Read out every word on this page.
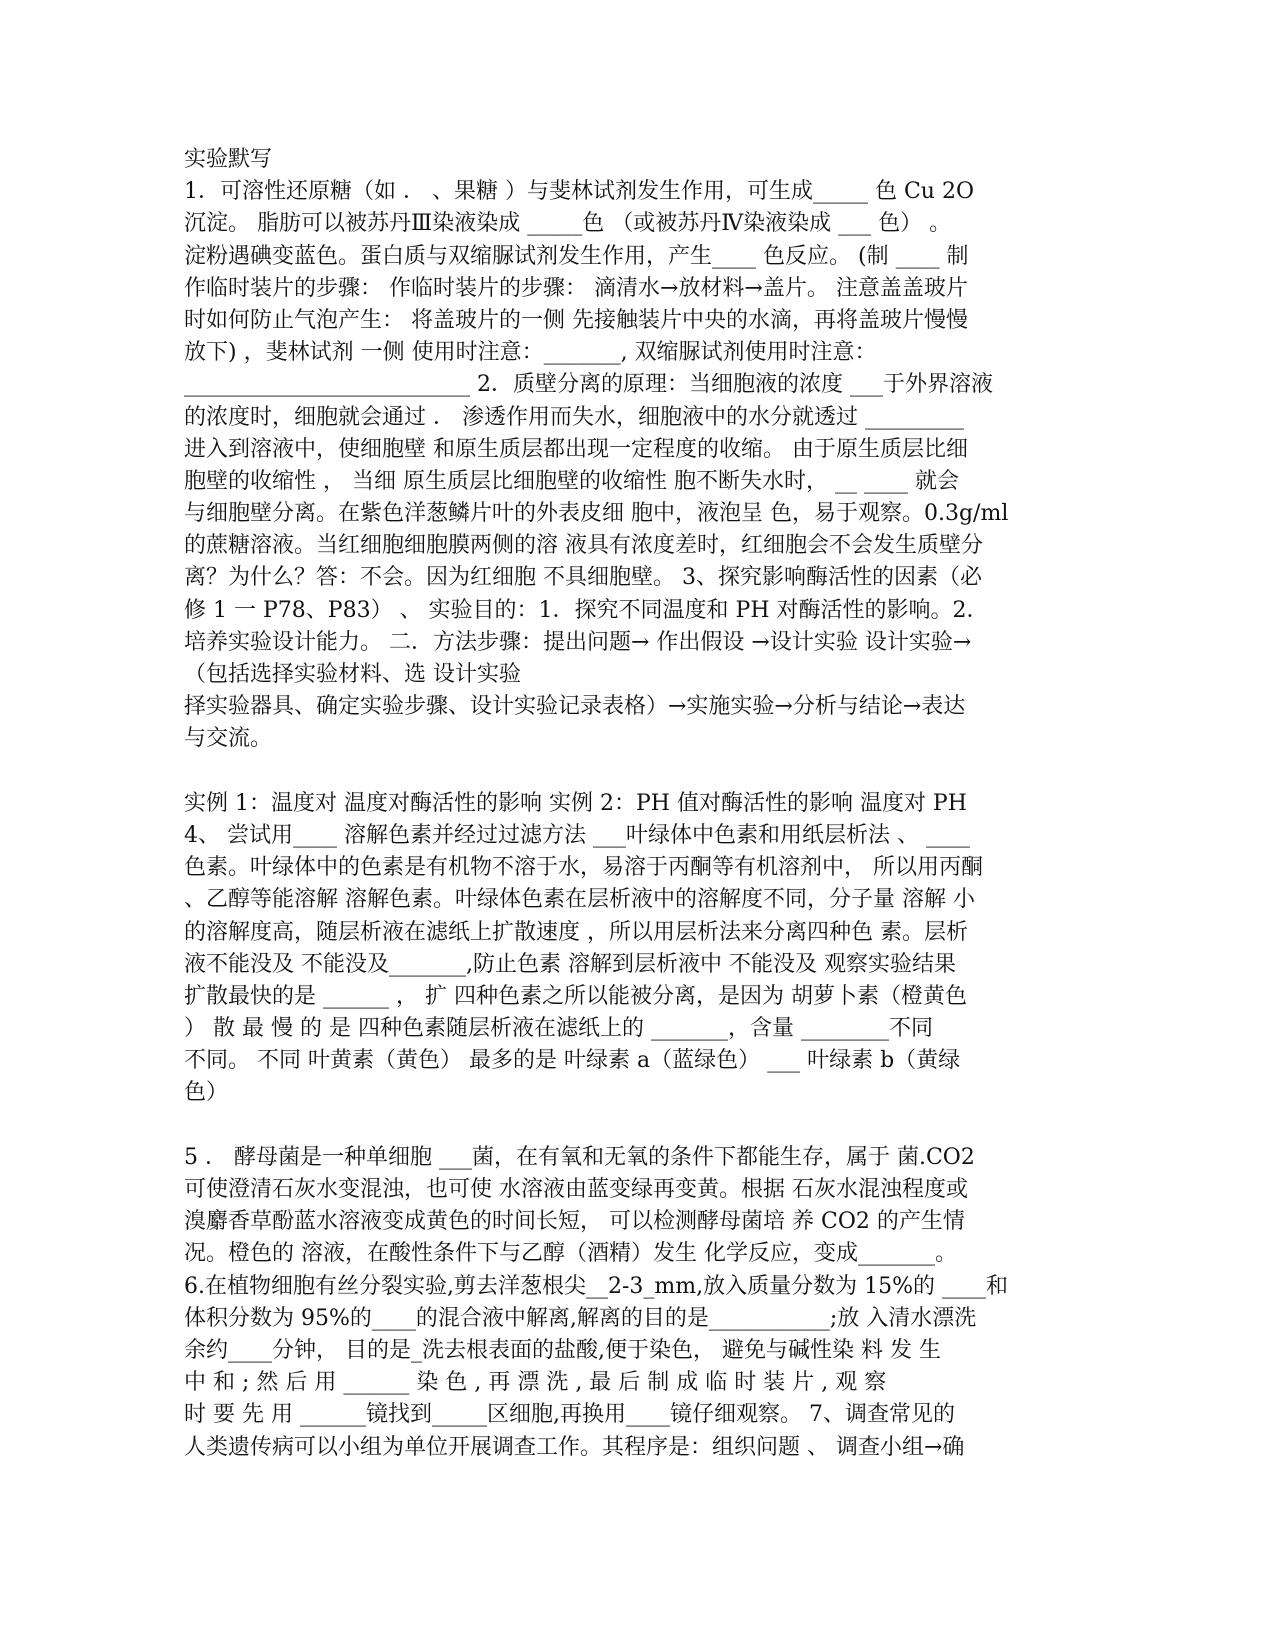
实验默写
1．可溶性还原糖（如 ． 、果糖 ）与斐林试剂发生作用，可生成_____ 色 Cu 2O
沉淀。 脂肪可以被苏丹Ⅲ染液染成 _____色 （或被苏丹Ⅳ染液染成 ___ 色） 。
淀粉遇碘变蓝色。蛋白质与双缩脲试剂发生作用，产生____ 色反应。 (制 ____ 制
作临时装片的步骤： 作临时装片的步骤： 滴清水→放材料→盖片。 注意盖盖玻片
时如何防止气泡产生： 将盖玻片的一侧 先接触装片中央的水滴，再将盖玻片慢慢
放下) ，斐林试剂 一侧 使用时注意：_______, 双缩脲试剂使用时注意：
__________________________ 2．质壁分离的原理：当细胞液的浓度 ___于外界溶液
的浓度时，细胞就会通过 ． 渗透作用而失水，细胞液中的水分就透过 _________
进入到溶液中，使细胞壁 和原生质层都出现一定程度的收缩。 由于原生质层比细
胞壁的收缩性 ， 当细 原生质层比细胞壁的收缩性 胞不断失水时， __ ____ 就会
与细胞壁分离。在紫色洋葱鳞片叶的外表皮细 胞中，液泡呈 色，易于观察。0.3g/ml
的蔗糖溶液。当红细胞细胞膜两侧的溶 液具有浓度差时，红细胞会不会发生质壁分
离？为什么？答：不会。因为红细胞 不具细胞壁。 3、探究影响酶活性的因素（必
修 1 一 P78、P83） 、 实验目的：1．探究不同温度和 PH 对酶活性的影响。2．
培养实验设计能力。 二．方法步骤：提出问题→ 作出假设 →设计实验 设计实验→
（包括选择实验材料、选 设计实验
择实验器具、确定实验步骤、设计实验记录表格）→实施实验→分析与结论→表达
与交流。
实例 1：温度对 温度对酶活性的影响 实例 2：PH 值对酶活性的影响 温度对 PH
4、 尝试用____ 溶解色素并经过过滤方法 ___叶绿体中色素和用纸层析法 、 ____
色素。叶绿体中的色素是有机物不溶于水，易溶于丙酮等有机溶剂中， 所以用丙酮
、乙醇等能溶解 溶解色素。叶绿体色素在层析液中的溶解度不同，分子量 溶解 小
的溶解度高，随层析液在滤纸上扩散速度 ，所以用层析法来分离四种色 素。层析
液不能没及 不能没及_______,防止色素 溶解到层析液中 不能没及 观察实验结果
扩散最快的是 ______ ， 扩 四种色素之所以能被分离，是因为 胡萝卜素（橙黄色
） 散 最 慢 的 是 四种色素随层析液在滤纸上的 _______，含量 ________不同
不同。 不同 叶黄素（黄色） 最多的是 叶绿素 a（蓝绿色） ___ 叶绿素 b（黄绿
色）
5 ． 酵母菌是一种单细胞 ___菌，在有氧和无氧的条件下都能生存，属于 菌.CO2
可使澄清石灰水变混浊，也可使 水溶液由蓝变绿再变黄。根据 石灰水混浊程度或
溴麝香草酚蓝水溶液变成黄色的时间长短， 可以检测酵母菌培 养 CO2 的产生情
况。橙色的 溶液，在酸性条件下与乙醇（酒精）发生 化学反应，变成_______。
6.在植物细胞有丝分裂实验,剪去洋葱根尖__2-3_mm,放入质量分数为 15%的 ____和
体积分数为 95%的____的混合液中解离,解离的目的是___________;放 入清水漂洗
余约____分钟， 目的是_洗去根表面的盐酸,便于染色， 避免与碱性染 料 发 生
中 和 ; 然 后 用 ______ 染 色 , 再 漂 洗 , 最 后 制 成 临 时 装 片 , 观 察
时 要 先 用 ______镜找到_____区细胞,再换用____镜仔细观察。 7、调查常见的
人类遗传病可以小组为单位开展调查工作。其程序是：组织问题 、 调查小组→确
